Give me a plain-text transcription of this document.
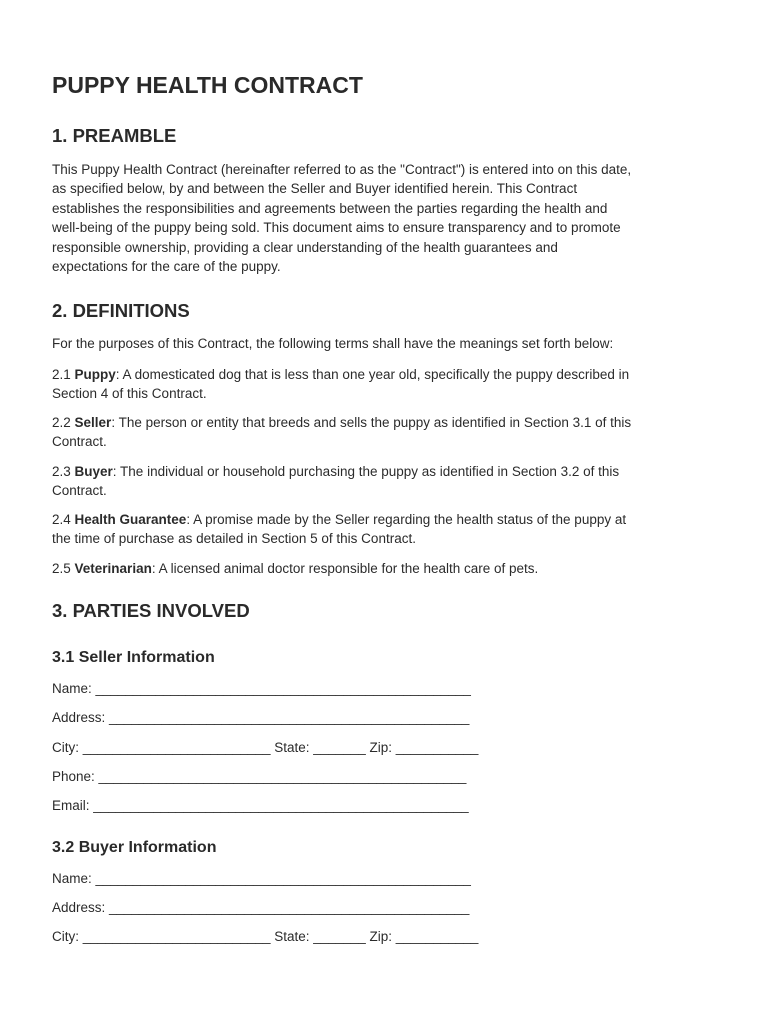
PUPPY HEALTH CONTRACT
1. PREAMBLE
This Puppy Health Contract (hereinafter referred to as the "Contract") is entered into on this date,
as specified below, by and between the Seller and Buyer identified herein. This Contract
establishes the responsibilities and agreements between the parties regarding the health and
well-being of the puppy being sold. This document aims to ensure transparency and to promote
responsible ownership, providing a clear understanding of the health guarantees and
expectations for the care of the puppy.
2. DEFINITIONS
For the purposes of this Contract, the following terms shall have the meanings set forth below:
2.1 Puppy: A domesticated dog that is less than one year old, specifically the puppy described in
Section 4 of this Contract.
2.2 Seller: The person or entity that breeds and sells the puppy as identified in Section 3.1 of this
Contract.
2.3 Buyer: The individual or household purchasing the puppy as identified in Section 3.2 of this
Contract.
2.4 Health Guarantee: A promise made by the Seller regarding the health status of the puppy at
the time of purchase as detailed in Section 5 of this Contract.
2.5 Veterinarian: A licensed animal doctor responsible for the health care of pets.
3. PARTIES INVOLVED
3.1 Seller Information
Name: __________________________________________________
Address: ________________________________________________
City: _________________________ State: _______ Zip: ___________
Phone: _________________________________________________
Email: __________________________________________________
3.2 Buyer Information
Name: __________________________________________________
Address: ________________________________________________
City: _________________________ State: _______ Zip: ___________
